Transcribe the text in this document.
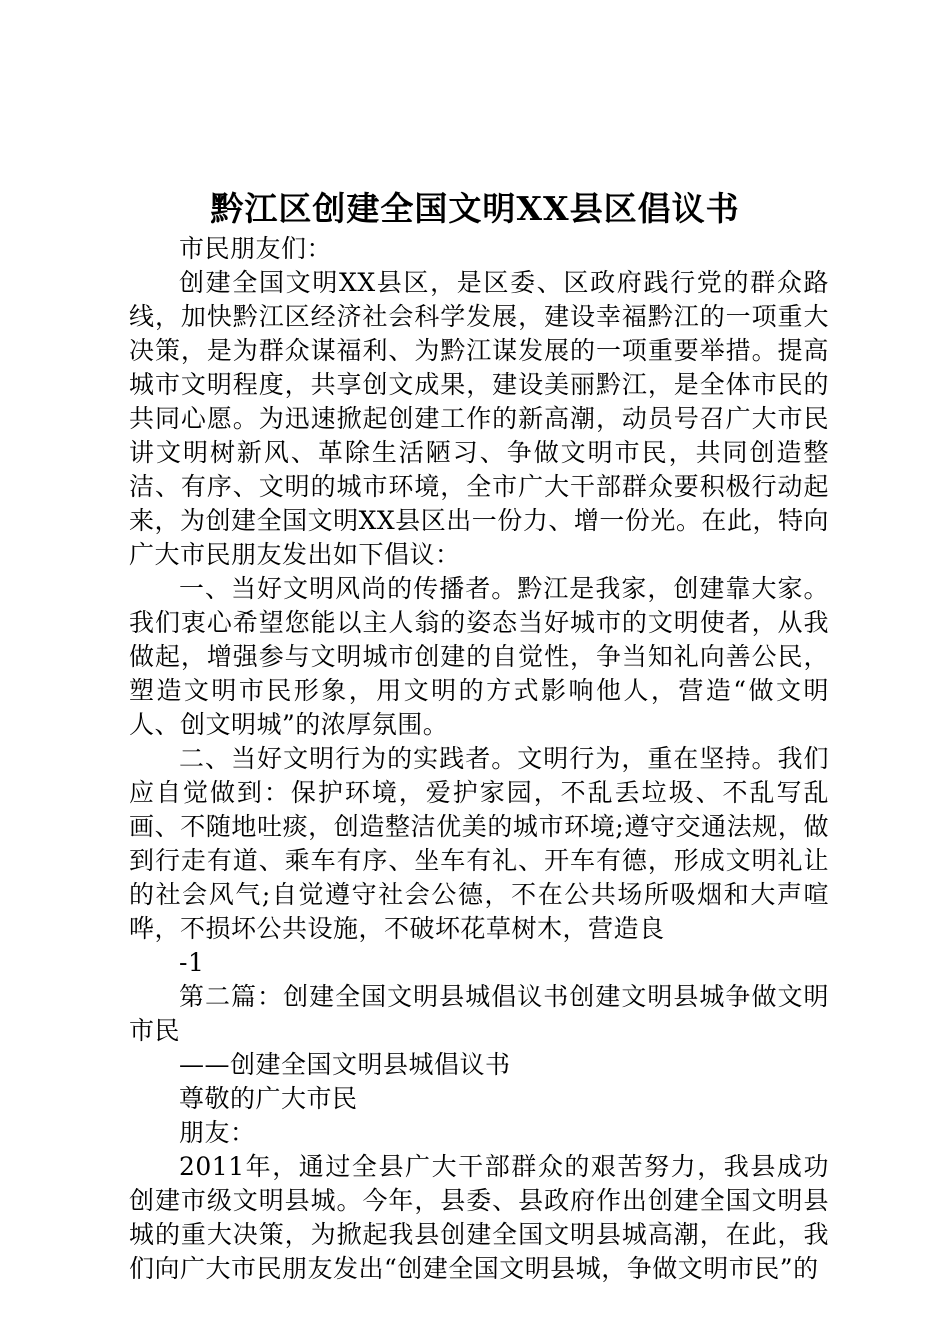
黔江区创建全国文明XX县区倡议书

市民朋友们：

创建全国文明XX县区，是区委、区政府践行党的群众路线，加快黔江区经济社会科学发展，建设幸福黔江的一项重大决策，是为群众谋福利、为黔江谋发展的一项重要举措。提高城市文明程度，共享创文成果，建设美丽黔江，是全体市民的共同心愿。为迅速掀起创建工作的新高潮，动员号召广大市民讲文明树新风、革除生活陋习、争做文明市民，共同创造整洁、有序、文明的城市环境，全市广大干部群众要积极行动起来，为创建全国文明XX县区出一份力、增一份光。在此，特向广大市民朋友发出如下倡议：

一、当好文明风尚的传播者。黔江是我家，创建靠大家。我们衷心希望您能以主人翁的姿态当好城市的文明使者，从我做起，增强参与文明城市创建的自觉性，争当知礼向善公民，塑造文明市民形象，用文明的方式影响他人，营造“做文明人、创文明城”的浓厚氛围。

二、当好文明行为的实践者。文明行为，重在坚持。我们应自觉做到：保护环境，爱护家园，不乱丢垃圾、不乱写乱画、不随地吐痰，创造整洁优美的城市环境;遵守交通法规，做到行走有道、乘车有序、坐车有礼、开车有德，形成文明礼让的社会风气;自觉遵守社会公德，不在公共场所吸烟和大声喧哗，不损坏公共设施，不破坏花草树木，营造良

-1

第二篇：创建全国文明县城倡议书创建文明县城争做文明市民

——创建全国文明县城倡议书

尊敬的广大市民

朋友：

2011年，通过全县广大干部群众的艰苦努力，我县成功创建市级文明县城。今年，县委、县政府作出创建全国文明县城的重大决策，为掀起我县创建全国文明县城高潮，在此，我们向广大市民朋友发出“创建全国文明县城，争做文明市民”的
